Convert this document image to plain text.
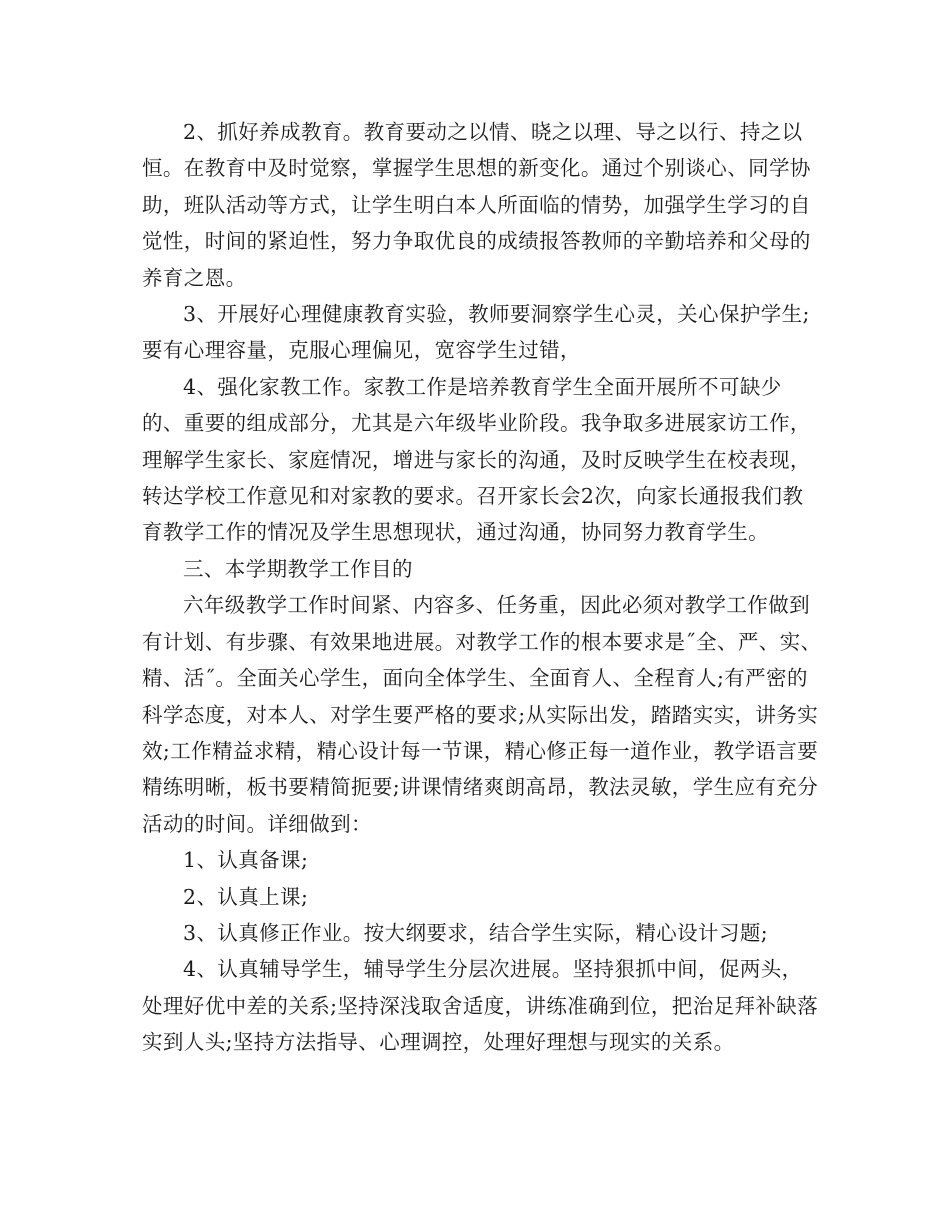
2、抓好养成教育。教育要动之以情、晓之以理、导之以行、持之以恒。在教育中及时觉察，掌握学生思想的新变化。通过个别谈心、同学协助，班队活动等方式，让学生明白本人所面临的情势，加强学生学习的自觉性，时间的紧迫性，努力争取优良的成绩报答教师的辛勤培养和父母的养育之恩。

3、开展好心理健康教育实验，教师要洞察学生心灵，关心保护学生;要有心理容量，克服心理偏见，宽容学生过错，

4、强化家教工作。家教工作是培养教育学生全面开展所不可缺少的、重要的组成部分，尤其是六年级毕业阶段。我争取多进展家访工作，理解学生家长、家庭情况，增进与家长的沟通，及时反映学生在校表现，转达学校工作意见和对家教的要求。召开家长会2次，向家长通报我们教育教学工作的情况及学生思想现状，通过沟通，协同努力教育学生。

三、本学期教学工作目的

六年级教学工作时间紧、内容多、任务重，因此必须对教学工作做到有计划、有步骤、有效果地进展。对教学工作的根本要求是˝全、严、实、精、活˝。全面关心学生，面向全体学生、全面育人、全程育人;有严密的科学态度，对本人、对学生要严格的要求;从实际出发，踏踏实实，讲务实效;工作精益求精，精心设计每一节课，精心修正每一道作业，教学语言要精练明晰，板书要精简扼要;讲课情绪爽朗高昂，教法灵敏，学生应有充分活动的时间。详细做到：

1、认真备课;

2、认真上课;

3、认真修正作业。按大纲要求，结合学生实际，精心设计习题;

4、认真辅导学生，辅导学生分层次进展。坚持狠抓中间，促两头，处理好优中差的关系;坚持深浅取舍适度，讲练准确到位，把治足拜补缺落实到人头;坚持方法指导、心理调控，处理好理想与现实的关系。
